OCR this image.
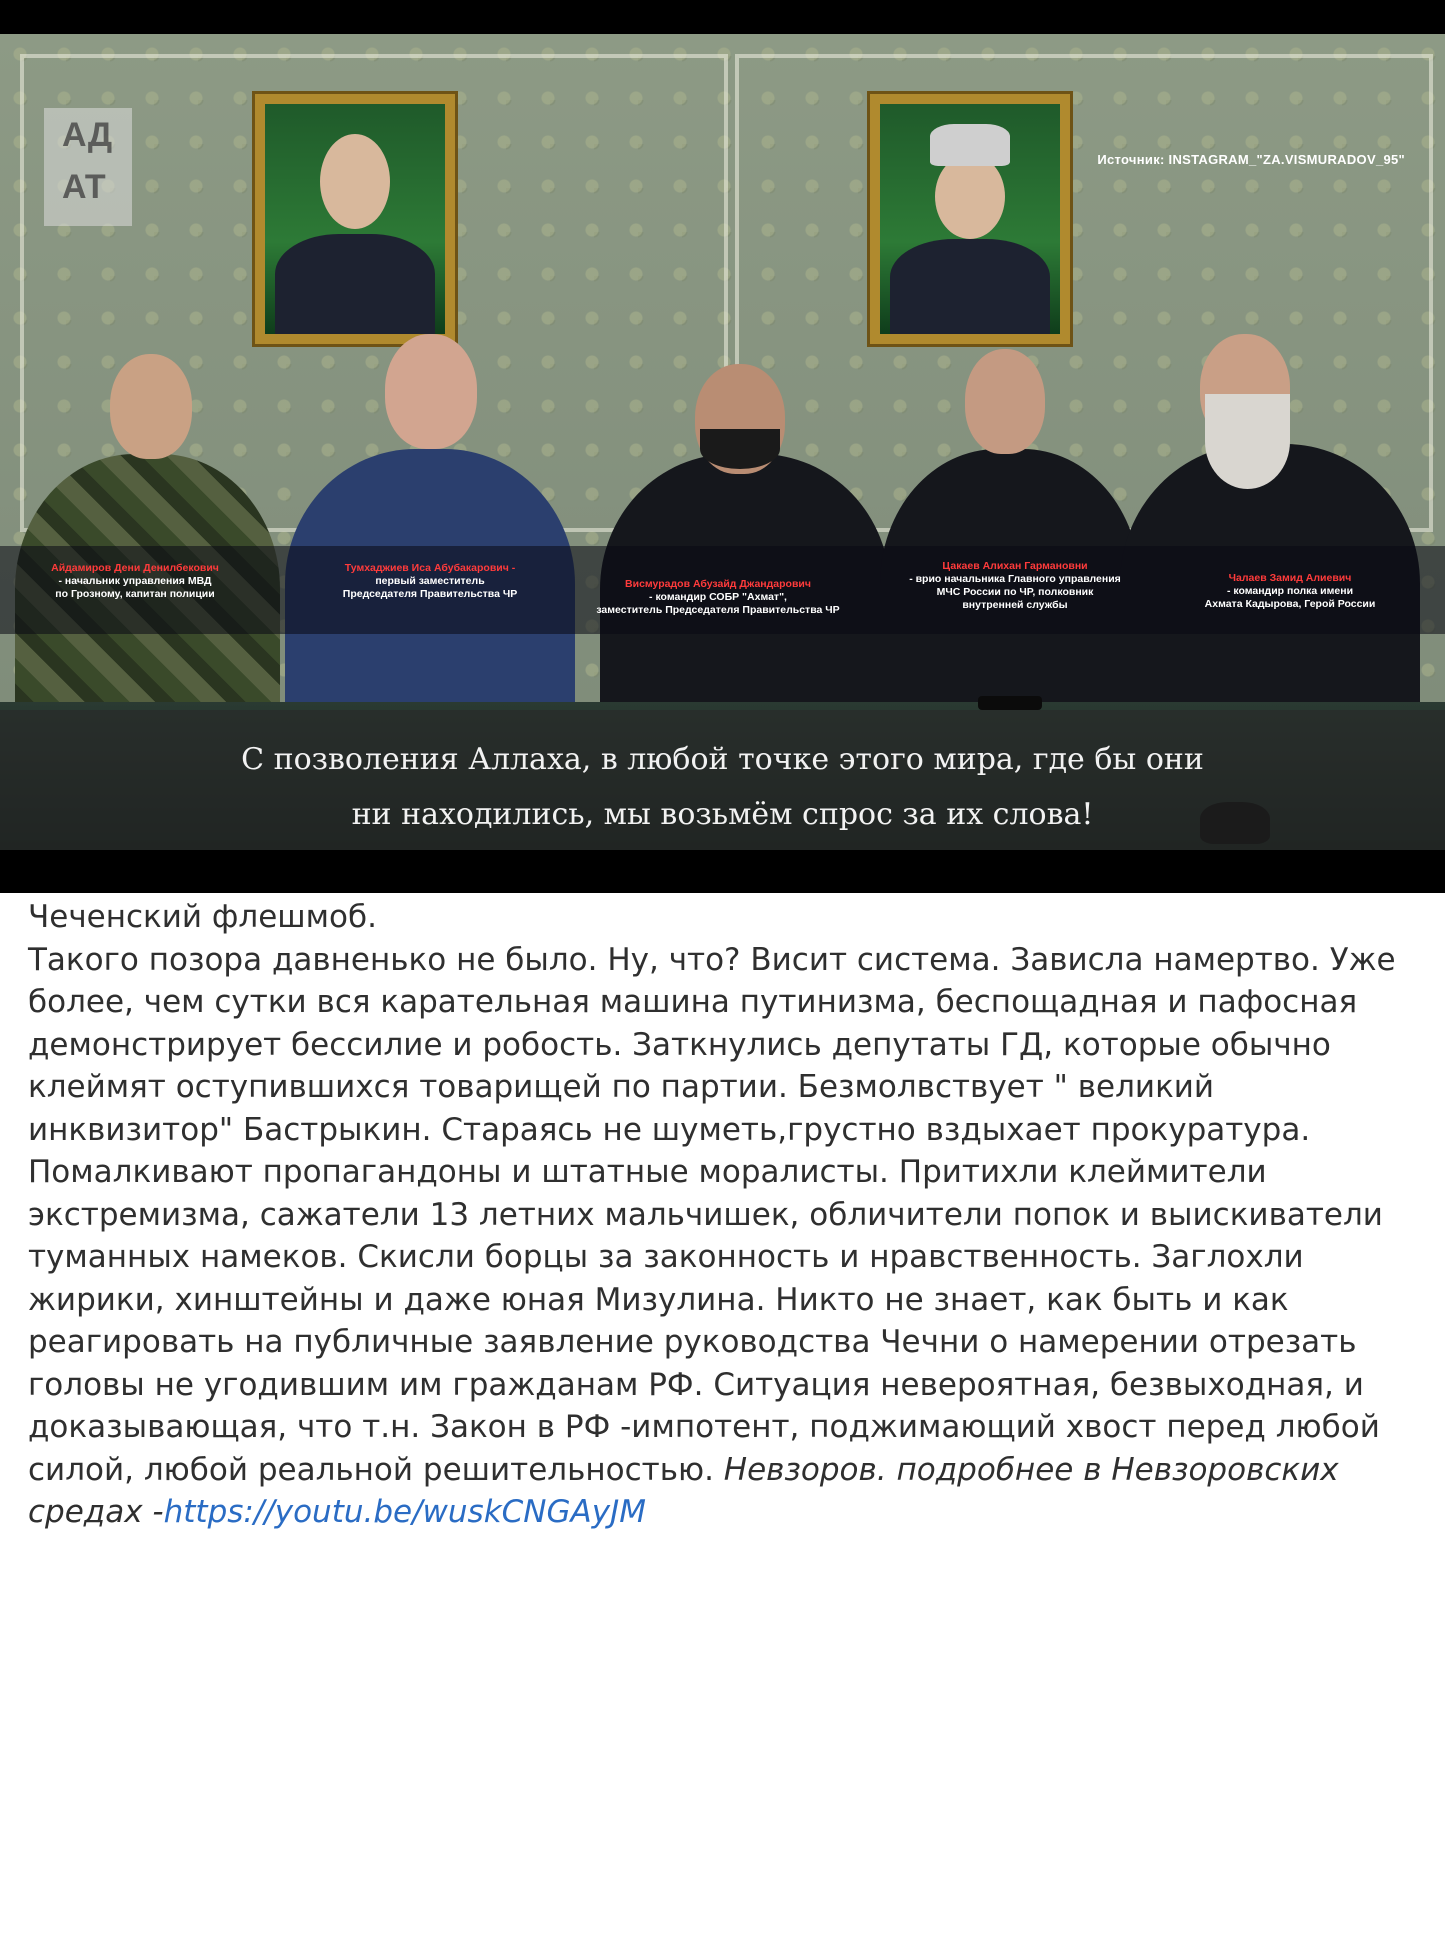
Айдамиров Дени Денилбекович
- начальник управления МВД
по Грозному, капитан полиции
Тумхаджиев Иса Абубакарович -
первый заместитель
Председателя Правительства ЧР
Висмурадов Абузайд Джандарович
- командир СОБР "Ахмат",
заместитель Председателя Правительства ЧР
Цакаев Алихан Гармановни
- врио начальника Главного управления
МЧС России по ЧР, полковник
внутренней службы
Чалаев Замид Алиевич
- командир полка имени
Ахмата Кадырова, Герой России
С позволения Аллаха, в любой точке этого мира, где бы они
ни находились, мы возьмём спрос за их слова!
АД
АТ
Источник: INSTAGRAM_"ZA.VISMURADOV_95"

Чеченский флешмоб.

Такого позора давненько не было. Ну, что? Висит система. Зависла намертво. Уже более, чем сутки вся карательная машина путинизма, беспощадная и пафосная демонстрирует бессилие и робость. Заткнулись депутаты ГД, которые обычно клеймят оступившихся товарищей по партии. Безмолвствует " великий инквизитор" Бастрыкин. Стараясь не шуметь,грустно вздыхает прокуратура. Помалкивают пропагандоны и штатные моралисты. Притихли клеймители экстремизма, сажатели 13 летних мальчишек, обличители попок и выискиватели туманных намеков. Скисли борцы за законность и нравственность. Заглохли жирики, хинштейны и даже юная Мизулина. Никто не знает, как быть и как реагировать на публичные заявление руководства Чечни о намерении отрезать головы не угодившим им гражданам РФ. Ситуация невероятная, безвыходная, и доказывающая, что т.н. Закон в РФ -импотент, поджимающий хвост перед любой силой, любой реальной решительностью. Невзоров. подробнее в Невзоровских средах -https://youtu.be/wuskCNGAyJM
